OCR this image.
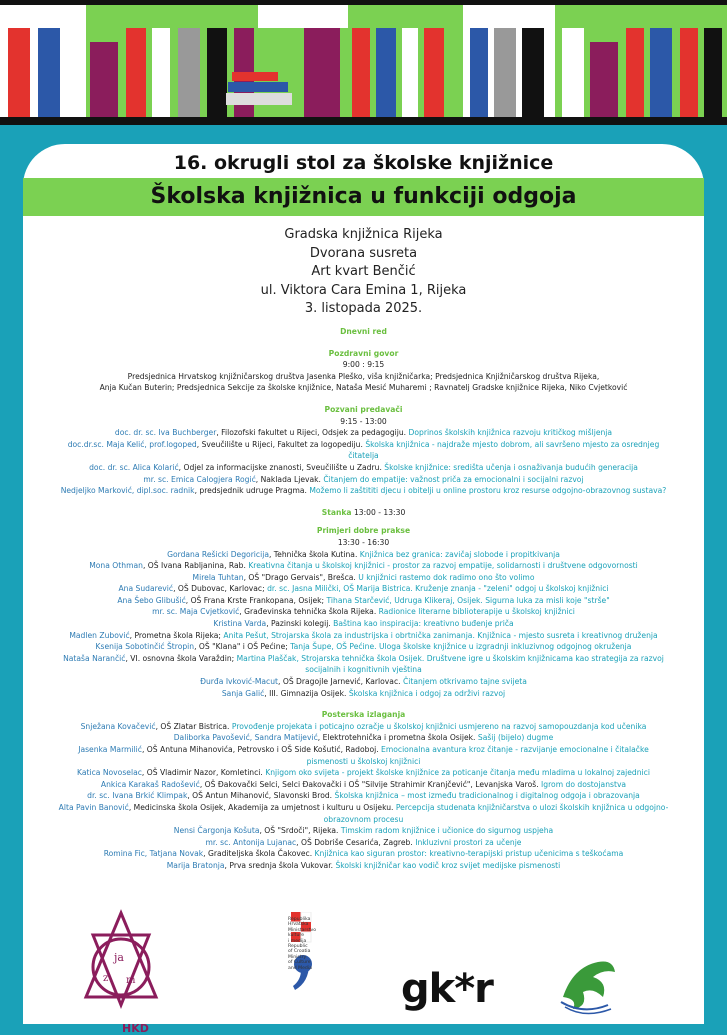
16. okrugli stol za školske knjižnice
Školska knjižnica u funkciji odgoja
Gradska knjižnica Rijeka
Dvorana susreta
Art kvart Benčić
ul. Viktora Cara Emina 1, Rijeka
3. listopada 2025.
Dnevni red
Pozdravni govor
9:00 : 9:15
Predsjednica Hrvatskog knjižničarskog društva Jasenka Pleško, viša knjižničarka; Predsjednica Knjižničarskog društva Rijeka,
Anja Kučan Buterin; Predsjednica Sekcije za školske knjižnice, Nataša Mesić Muharemi ; Ravnatelj Gradske knjižnice Rijeka, Niko Cvjetković
Pozvani predavači
9:15 - 13:00
doc. dr. sc. Iva Buchberger, Filozofski fakultet u Rijeci, Odsjek za pedagogiju. Doprinos školskih knjižnica razvoju kritičkog mišljenja
doc.dr.sc. Maja Kelić, prof.logoped, Sveučilište u Rijeci, Fakultet za logopediju. Školska knjižnica - najdraže mjesto dobrom, ali savršeno mjesto za osrednjeg čitatelja
doc. dr. sc. Alica Kolarić, Odjel za informacijske znanosti, Sveučilište u Zadru. Školske knjižnice: središta učenja i osnaživanja budućih generacija
mr. sc. Emica Calogjera Rogić, Naklada Ljevak. Čitanjem do empatije: važnost priča za emocionalni i socijalni razvoj
Nedjeljko Marković, dipl.soc. radnik, predsjednik udruge Pragma. Možemo li zaštititi djecu i obitelji u online prostoru kroz resurse odgojno-obrazovnog sustava?
Stanka 13:00 - 13:30
Primjeri dobre prakse
13:30 - 16:30
Gordana Rešicki Degoricija, Tehnička škola Kutina. Knjižnica bez granica: zavičaj slobode i propitkivanja
Mona Othman, OŠ Ivana Rabljanina, Rab. Kreativna čitanja u školskoj knjižnici - prostor za razvoj empatije, solidarnosti i društvene odgovornosti
Mirela Tuhtan, OŠ "Drago Gervais", Brešca. U knjižnici rastemo dok radimo ono što volimo
Ana Sudarević, OŠ Dubovac, Karlovac; dr. sc. Jasna Milički, OŠ Marija Bistrica. Kruženje znanja - "zeleni" odgoj u školskoj knjižnici
Ana Šebo Glibušić, OŠ Frana Krste Frankopana, Osijek; Tihana Starčević, Udruga Klikeraj, Osijek. Sigurna luka za misli koje "strše"
mr. sc. Maja Cvjetković, Građevinska tehnička škola Rijeka. Radionice literarne biblioterapije u školskoj knjižnici
Kristina Varda, Pazinski kolegij. Baština kao inspiracija: kreativno buđenje priča
Madlen Zubović, Prometna škola Rijeka; Anita Pešut, Strojarska škola za industrijska i obrtnička zanimanja. Knjižnica - mjesto susreta i kreativnog druženja
Ksenija Sobotinčić Štropin, OŠ "Klana" i OŠ Pećine; Tanja Šupe, OŠ Pećine. Uloga školske knjižnice u izgradnji inkluzivnog odgojnog okruženja
Nataša Narančić, VI. osnovna škola Varaždin; Martina Plaščak, Strojarska tehnička škola Osijek. Društvene igre u školskim knjižnicama kao strategija za razvoj socijalnih i kognitivnih vještina
Đurđa Ivković-Macut, OŠ Dragojle Jarnević, Karlovac. Čitanjem otkrivamo tajne svijeta
Sanja Galić, III. Gimnazija Osijek. Školska knjižnica i odgoj za održivi razvoj
Posterska izlaganja
Snježana Kovačević, OŠ Zlatar Bistrica. Provođenje projekata i poticajno ozračje u školskoj knjižnici usmjereno na razvoj samopouzdanja kod učenika
Daliborka Pavošević, Sandra Matijević, Elektrotehnička i prometna škola Osijek. Sašij (bijelo) dugme
Jasenka Marmilić, OŠ Antuna Mihanovića, Petrovsko i OŠ Side Košutić, Radoboj. Emocionalna avantura kroz čitanje - razvijanje emocionalne i čitalačke pismenosti u školskoj knjižnici
Katica Novoselac, OŠ Vladimir Nazor, Komletinci. Knjigom oko svijeta - projekt školske knjižnice za poticanje čitanja među mladima u lokalnoj zajednici
Ankica Karakaš Radošević, OŠ Đakovački Selci, Selci Đakovački i OŠ "Silvije Strahimir Kranjčević", Levanjska Varoš. Igrom do dostojanstva
dr. sc. Ivana Brkić Klimpak, OŠ Antun Mihanović, Slavonski Brod. Školska knjižnica – most između tradicionalnog i digitalnog odgoja i obrazovanja
Alta Pavin Banović, Medicinska škola Osijek, Akademija za umjetnost i kulturu u Osijeku. Percepcija studenata knjižničarstva o ulozi školskih knjižnica u odgojno-obrazovnom procesu
Nensi Čargonja Košuta, OŠ "Srdoči", Rijeka. Timskim radom knjižnice i učionice do sigurnog uspjeha
mr. sc. Antonija Lujanac, OŠ Dobriše Cesarića, Zagreb. Inkluzivni prostori za učenje
Romina Fic, Tatjana Novak, Graditeljska škola Čakovec. Knjižnica kao siguran prostor: kreativno-terapijski pristup učenicima s teškoćama
Marija Bratonja, Prva srednja škola Vukovar. Školski knjižničar kao vodič kroz svijet medijske pismenosti
ja
z m
HKD
Republika
Hrvatska
Ministarstvo
kulture
i medija
Republic
of Croatia
Ministry
of Culture
and Media	gk*r
